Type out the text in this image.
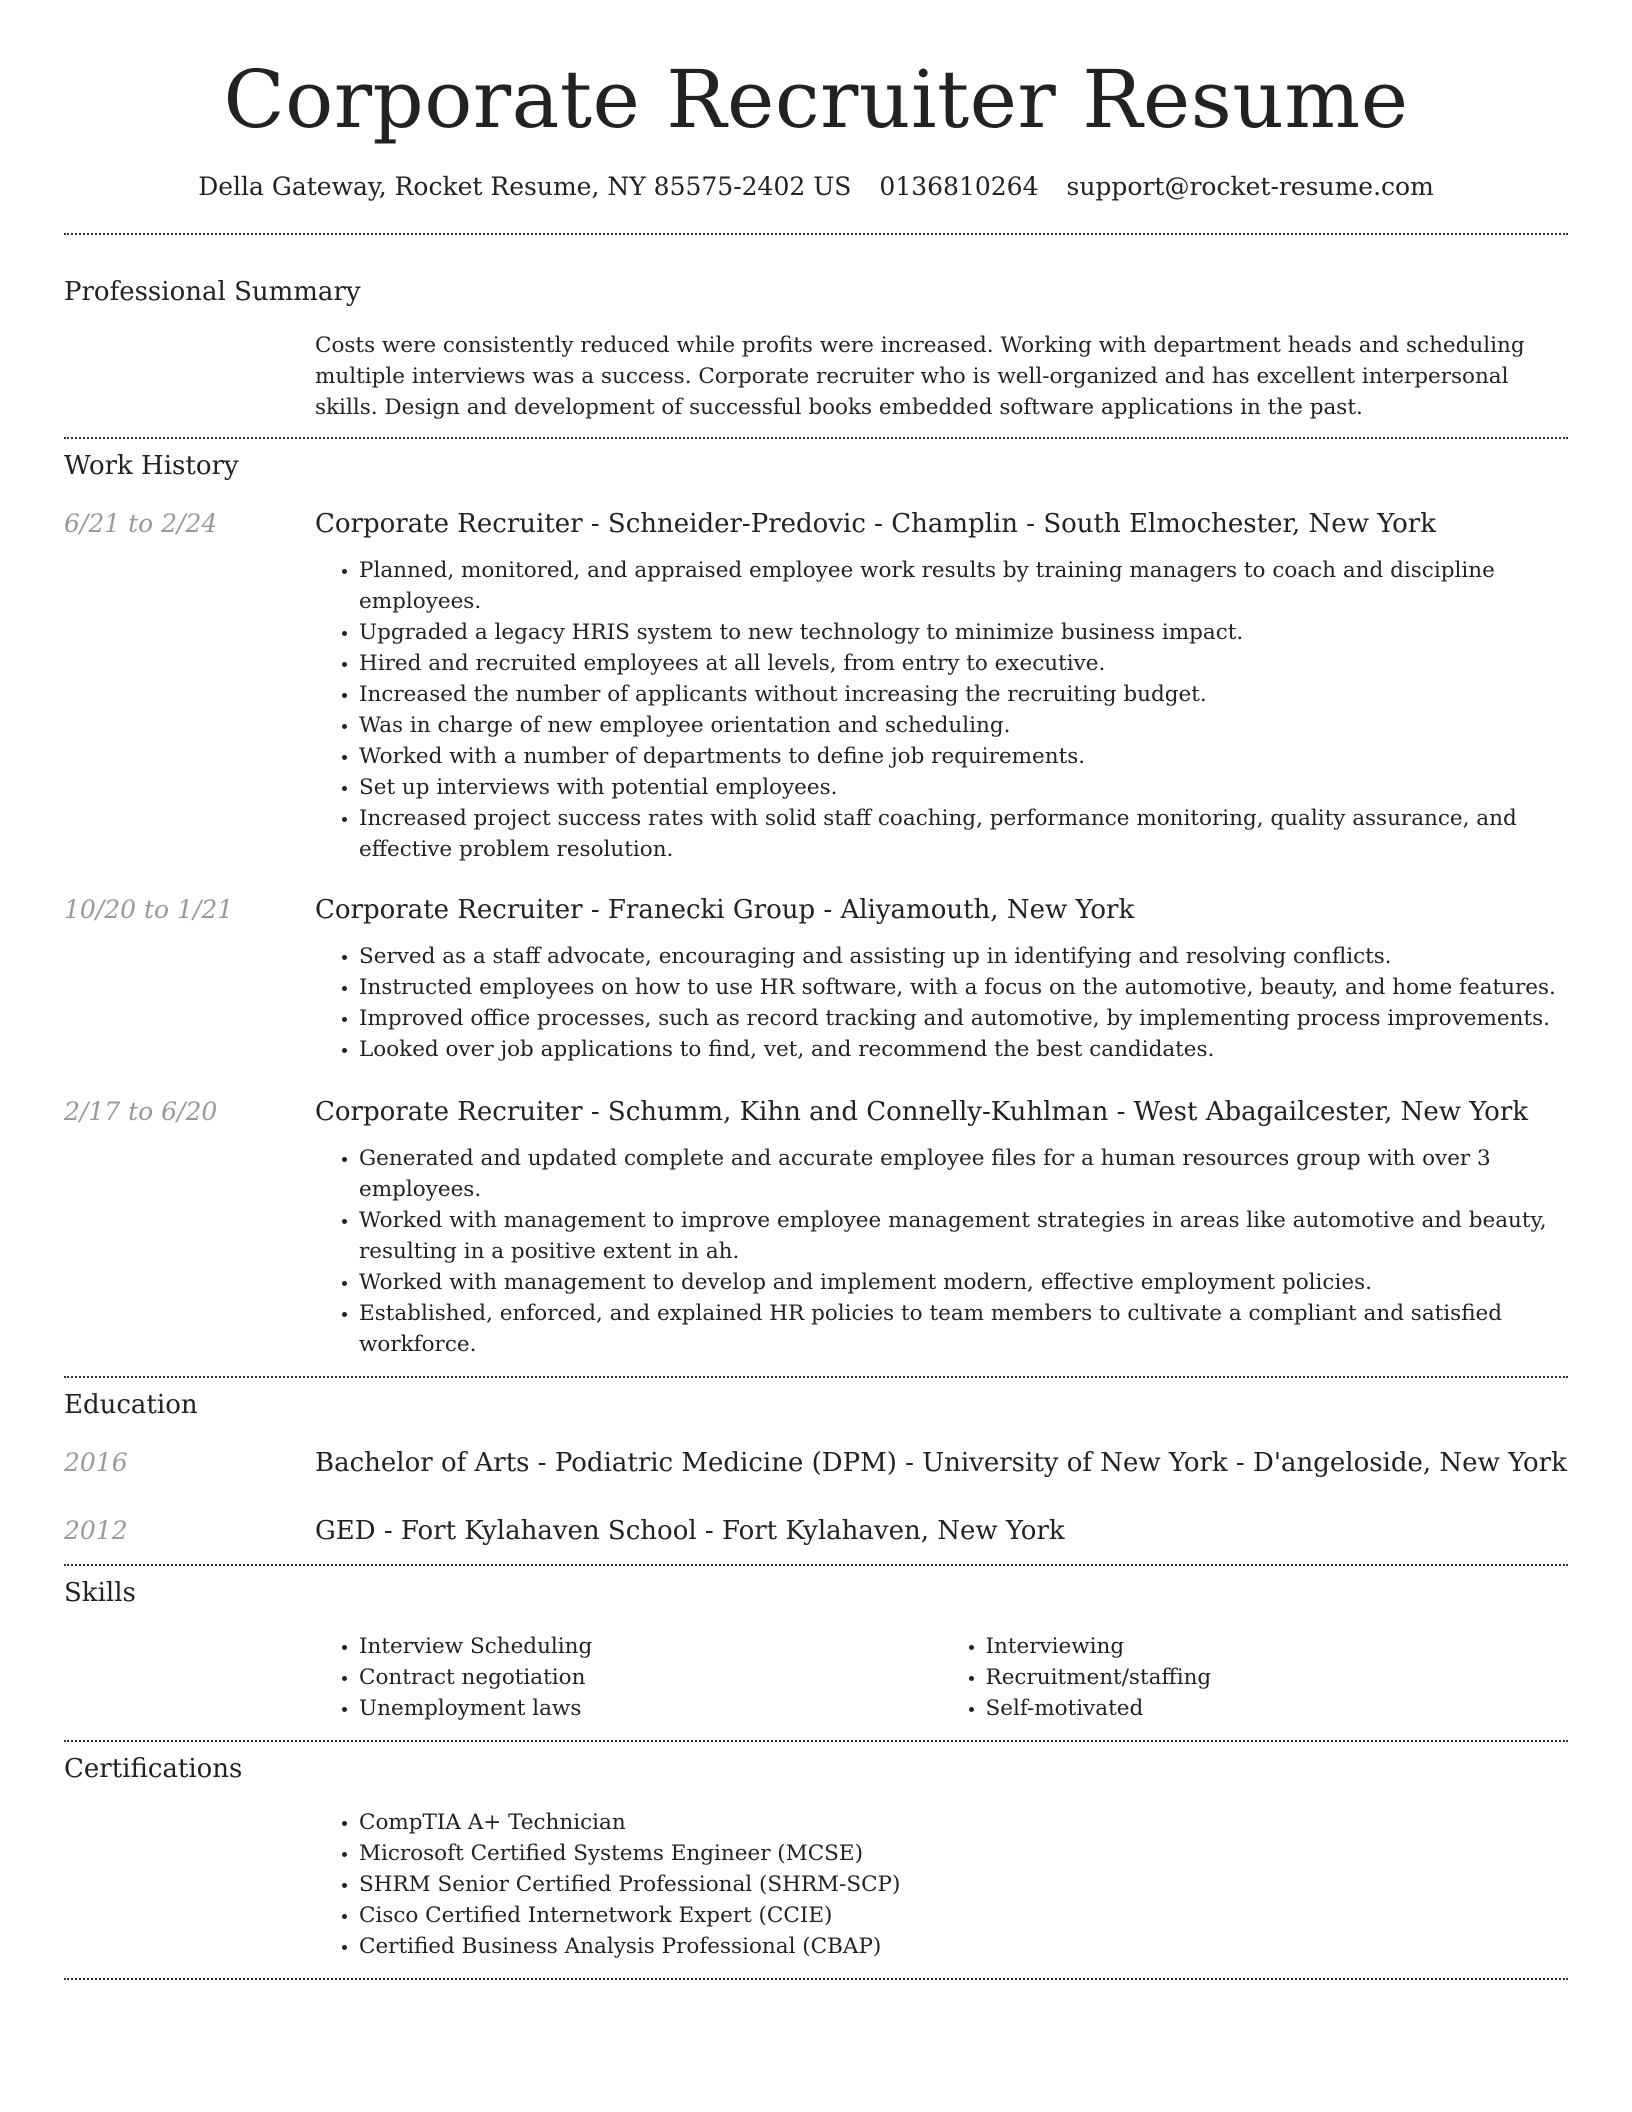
Corporate Recruiter Resume
Della Gateway, Rocket Resume, NY 85575-2402 US 0136810264 support@rocket-resume.com
Professional Summary
Costs were consistently reduced while profits were increased. Working with department heads and scheduling multiple interviews was a success. Corporate recruiter who is well-organized and has excellent interpersonal skills. Design and development of successful books embedded software applications in the past.
Work History
6/21 to 2/24	Corporate Recruiter - Schneider-Predovic - Champlin - South Elmochester, New York
• Planned, monitored, and appraised employee work results by training managers to coach and discipline employees.
• Upgraded a legacy HRIS system to new technology to minimize business impact.
• Hired and recruited employees at all levels, from entry to executive.
• Increased the number of applicants without increasing the recruiting budget.
• Was in charge of new employee orientation and scheduling.
• Worked with a number of departments to define job requirements.
• Set up interviews with potential employees.
• Increased project success rates with solid staff coaching, performance monitoring, quality assurance, and effective problem resolution.
10/20 to 1/21	Corporate Recruiter - Franecki Group - Aliyamouth, New York
• Served as a staff advocate, encouraging and assisting up in identifying and resolving conflicts.
• Instructed employees on how to use HR software, with a focus on the automotive, beauty, and home features.
• Improved office processes, such as record tracking and automotive, by implementing process improvements.
• Looked over job applications to find, vet, and recommend the best candidates.
2/17 to 6/20	Corporate Recruiter - Schumm, Kihn and Connelly-Kuhlman - West Abagailcester, New York
• Generated and updated complete and accurate employee files for a human resources group with over 3 employees.
• Worked with management to improve employee management strategies in areas like automotive and beauty, resulting in a positive extent in ah.
• Worked with management to develop and implement modern, effective employment policies.
• Established, enforced, and explained HR policies to team members to cultivate a compliant and satisfied workforce.
Education
2016	Bachelor of Arts - Podiatric Medicine (DPM) - University of New York - D'angeloside, New York
2012	GED - Fort Kylahaven School - Fort Kylahaven, New York
Skills
• Interview Scheduling
• Contract negotiation
• Unemployment laws
• Interviewing
• Recruitment/staffing
• Self-motivated
Certifications
• CompTIA A+ Technician
• Microsoft Certified Systems Engineer (MCSE)
• SHRM Senior Certified Professional (SHRM-SCP)
• Cisco Certified Internetwork Expert (CCIE)
• Certified Business Analysis Professional (CBAP)
